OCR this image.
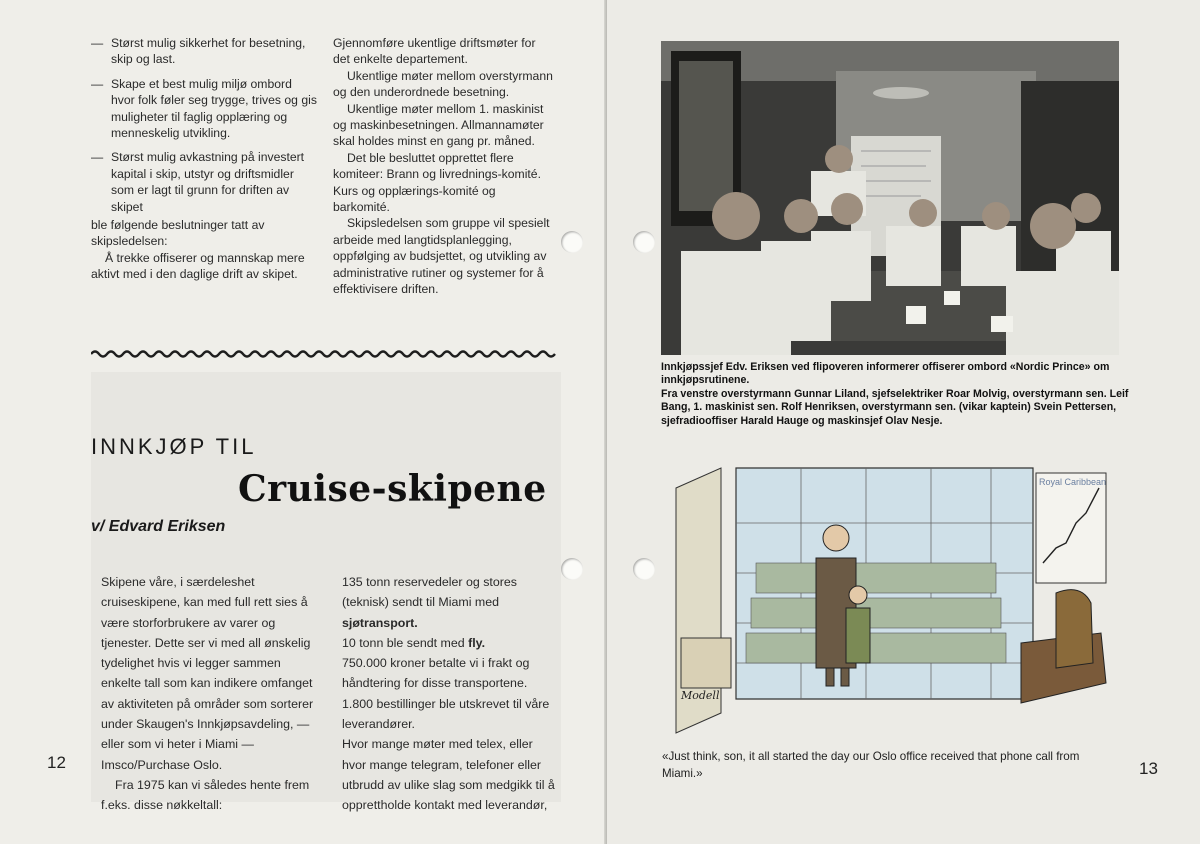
— Størst mulig sikkerhet for besetning, skip og last.

— Skape et best mulig miljø ombord hvor folk føler seg trygge, trives og gis muligheter til faglig opplæring og menneskelig utvikling.

— Størst mulig avkastning på investert kapital i skip, utstyr og driftsmidler som er lagt til grunn for driften av skipet

ble følgende beslutninger tatt av skipsledelsen:

Å trekke offiserer og mannskap mere aktivt med i den daglige drift av skipet.

Gjennomføre ukentlige driftsmøter for det enkelte departement.

Ukentlige møter mellom overstyrmann og den underordnede besetning.

Ukentlige møter mellom 1. maskinist og maskinbesetningen. Allmannamøter skal holdes minst en gang pr. måned.

Det ble besluttet opprettet flere komiteer: Brann og livrednings-komité. Kurs og opplærings-komité og barkomité.

Skipsledelsen som gruppe vil spesielt arbeide med langtidsplanlegging, oppfølging av budsjettet, og utvikling av administrative rutiner og systemer for å effektivisere driften.

INNKJØP TIL
Cruise-skipene
v/ Edvard Eriksen

Skipene våre, i særdeleshet cruiseskipene, kan med full rett sies å være storforbrukere av varer og tjenester. Dette ser vi med all ønskelig tydelighet hvis vi legger sammen enkelte tall som kan indikere omfanget av aktiviteten på områder som sorterer under Skaugen's Innkjøpsavdeling, — eller som vi heter i Miami — Imsco/Purchase Oslo.

Fra 1975 kan vi således hente frem f.eks. disse nøkkeltall:

135 tonn reservedeler og stores (teknisk) sendt til Miami med sjøtransport.

10 tonn ble sendt med fly.

750.000 kroner betalte vi i frakt og håndtering for disse transportene.

1.800 bestillinger ble utskrevet til våre leverandører.

Hvor mange møter med telex, eller hvor mange telegram, telefoner eller utbrudd av ulike slag som medgikk til å opprettholde kontakt med leverandør,

12	13

Innkjøpssjef Edv. Eriksen ved flipoveren informerer offiserer ombord «Nordic Prince» om innkjøpsrutinene.

Fra venstre overstyrmann Gunnar Liland, sjefselektriker Roar Molvig, overstyrmann sen. Leif Bang, 1. maskinist sen. Rolf Henriksen, overstyrmann sen. (vikar kaptein) Svein Pettersen, sjefradiooffiser Harald Hauge og maskinsjef Olav Nesje.

Royal Caribbean
Modell
«Just think, son, it all started the day our Oslo office received that phone call from Miami.»
